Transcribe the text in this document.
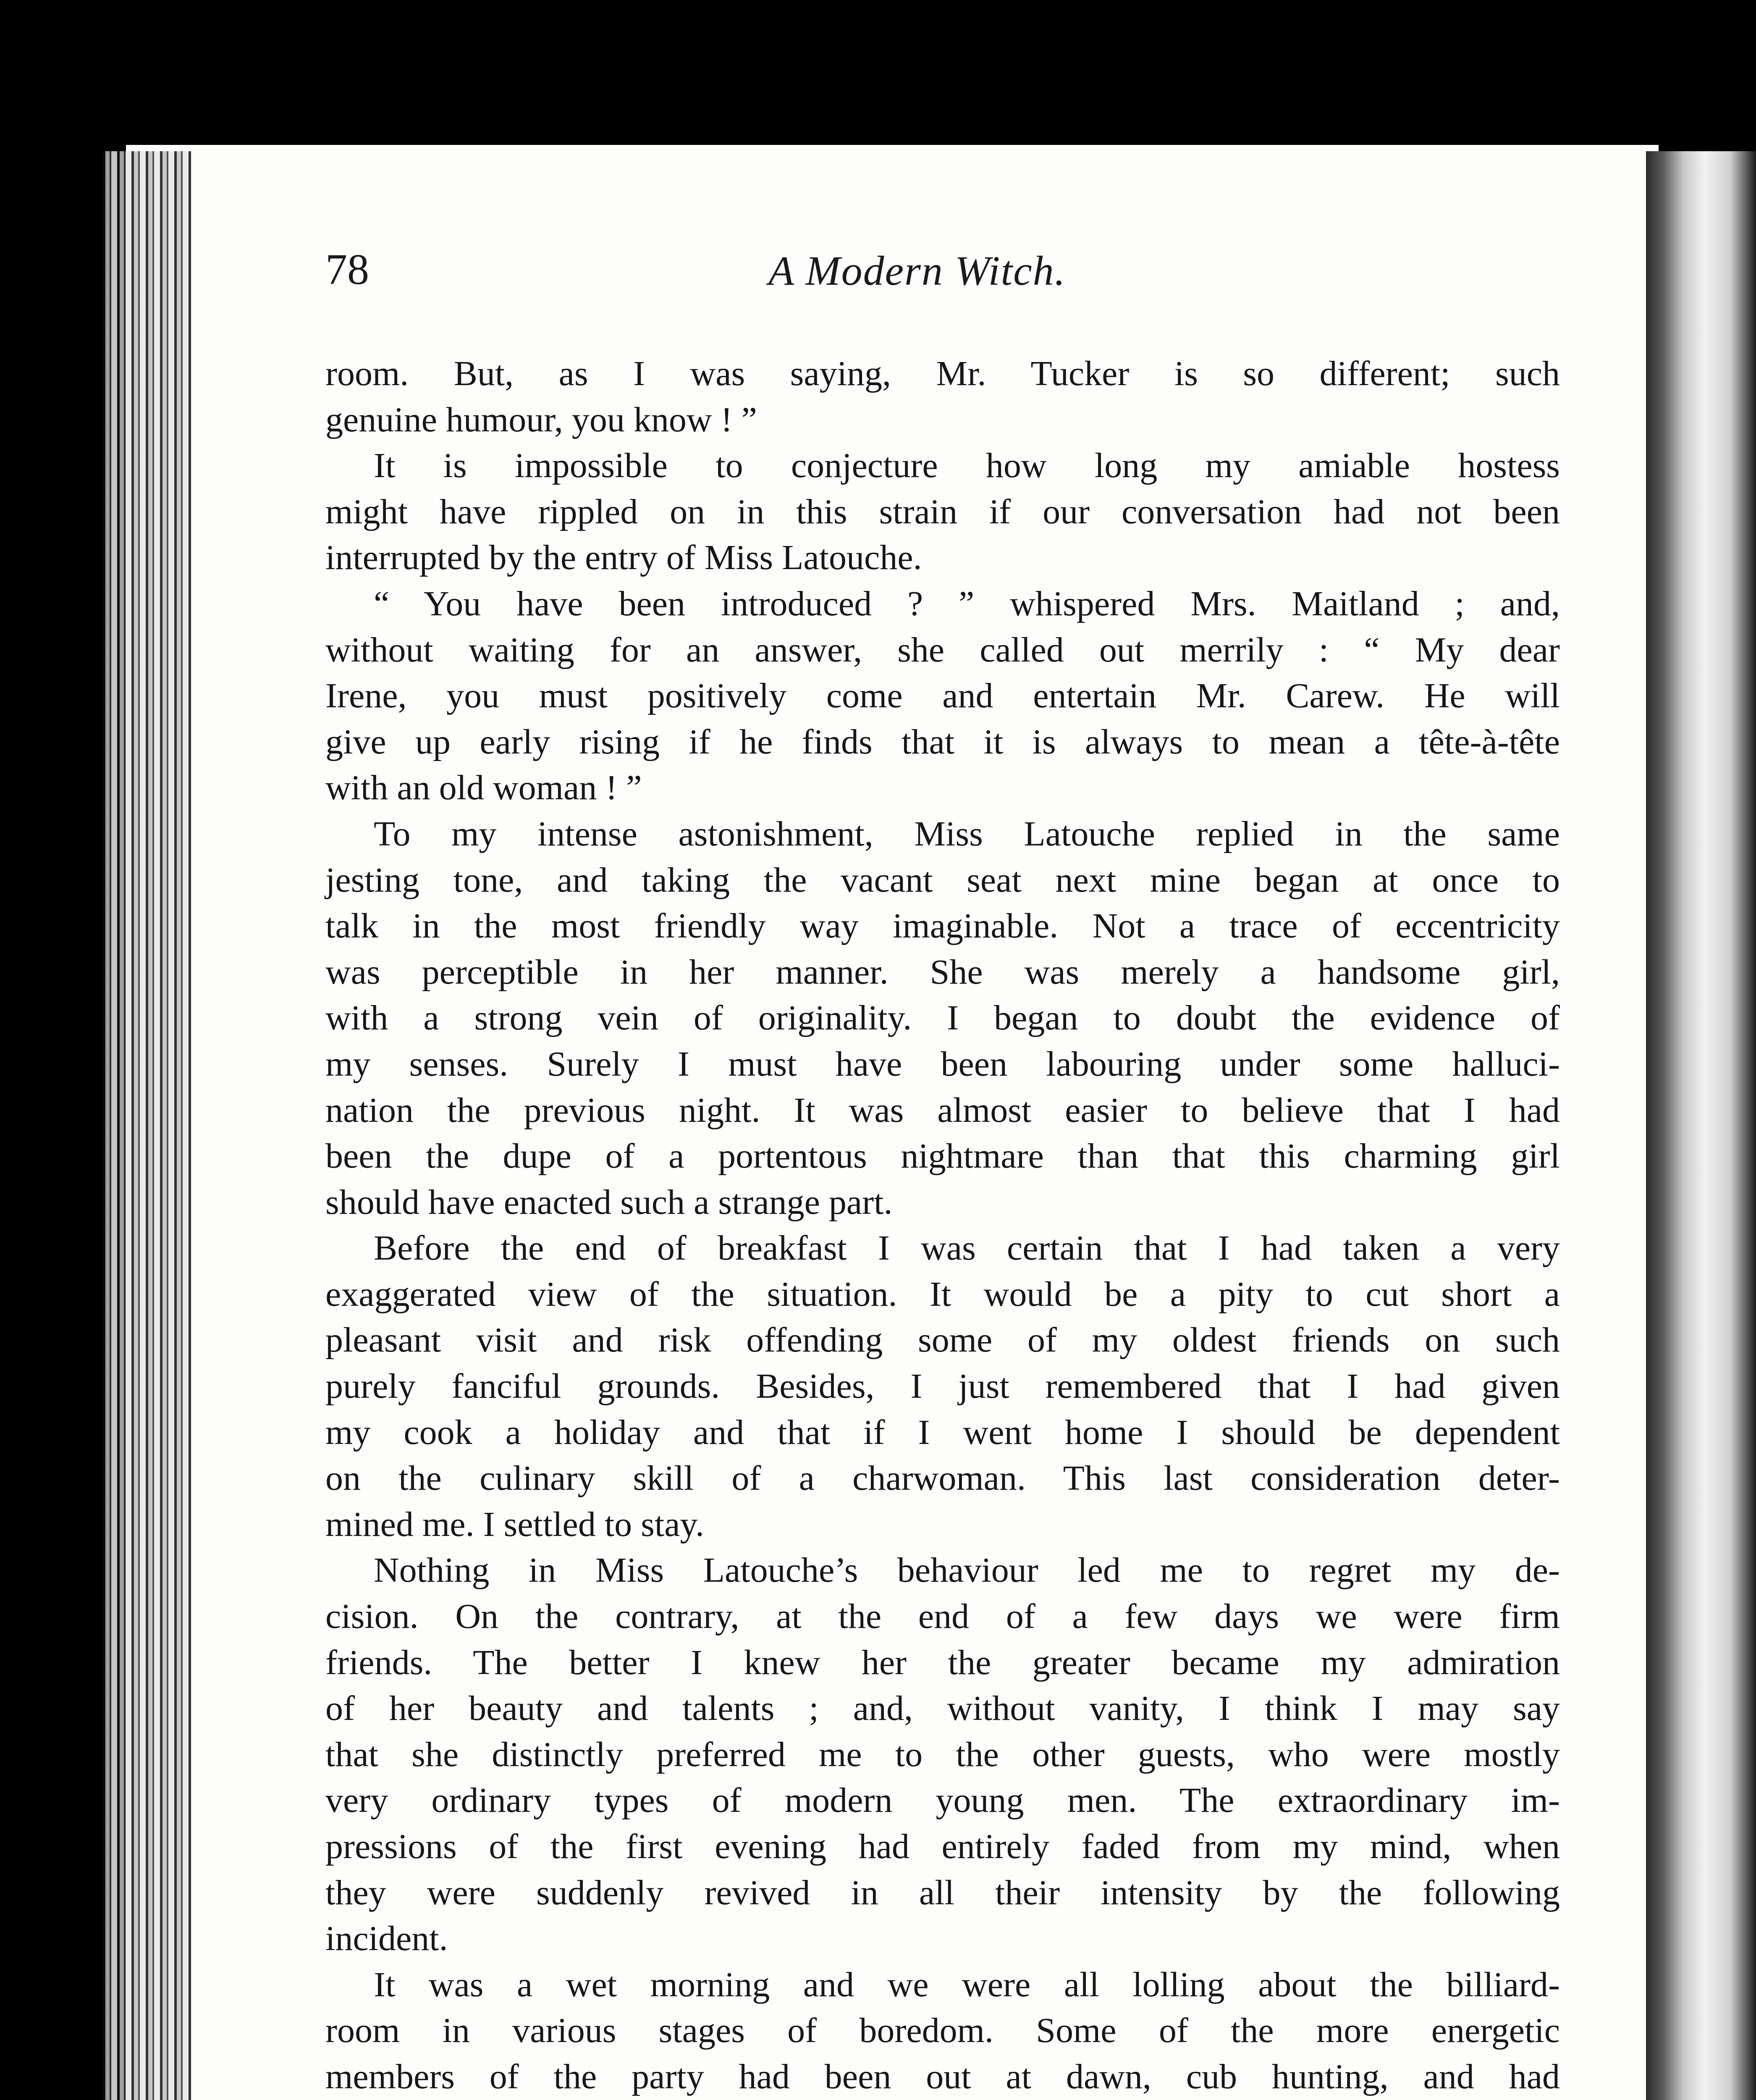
78	A Modern Witch.
room. But, as I was saying, Mr. Tucker is so different; such
genuine humour, you know ! ”
It is impossible to conjecture how long my amiable hostess
might have rippled on in this strain if our conversation had not been
interrupted by the entry of Miss Latouche.
“ You have been introduced ? ” whispered Mrs. Maitland ; and,
without waiting for an answer, she called out merrily : “ My dear
Irene, you must positively come and entertain Mr. Carew. He will
give up early rising if he finds that it is always to mean a tête-à-tête
with an old woman ! ”
To my intense astonishment, Miss Latouche replied in the same
jesting tone, and taking the vacant seat next mine began at once to
talk in the most friendly way imaginable. Not a trace of eccentricity
was perceptible in her manner. She was merely a handsome girl,
with a strong vein of originality. I began to doubt the evidence of
my senses. Surely I must have been labouring under some halluci-
nation the previous night. It was almost easier to believe that I had
been the dupe of a portentous nightmare than that this charming girl
should have enacted such a strange part.
Before the end of breakfast I was certain that I had taken a very
exaggerated view of the situation. It would be a pity to cut short a
pleasant visit and risk offending some of my oldest friends on such
purely fanciful grounds. Besides, I just remembered that I had given
my cook a holiday and that if I went home I should be dependent
on the culinary skill of a charwoman. This last consideration deter-
mined me. I settled to stay.
Nothing in Miss Latouche’s behaviour led me to regret my de-
cision. On the contrary, at the end of a few days we were firm
friends. The better I knew her the greater became my admiration
of her beauty and talents ; and, without vanity, I think I may say
that she distinctly preferred me to the other guests, who were mostly
very ordinary types of modern young men. The extraordinary im-
pressions of the first evening had entirely faded from my mind, when
they were suddenly revived in all their intensity by the following
incident.
It was a wet morning and we were all lolling about the billiard-
room in various stages of boredom. Some of the more energetic
members of the party had been out at dawn, cub hunting, and had
